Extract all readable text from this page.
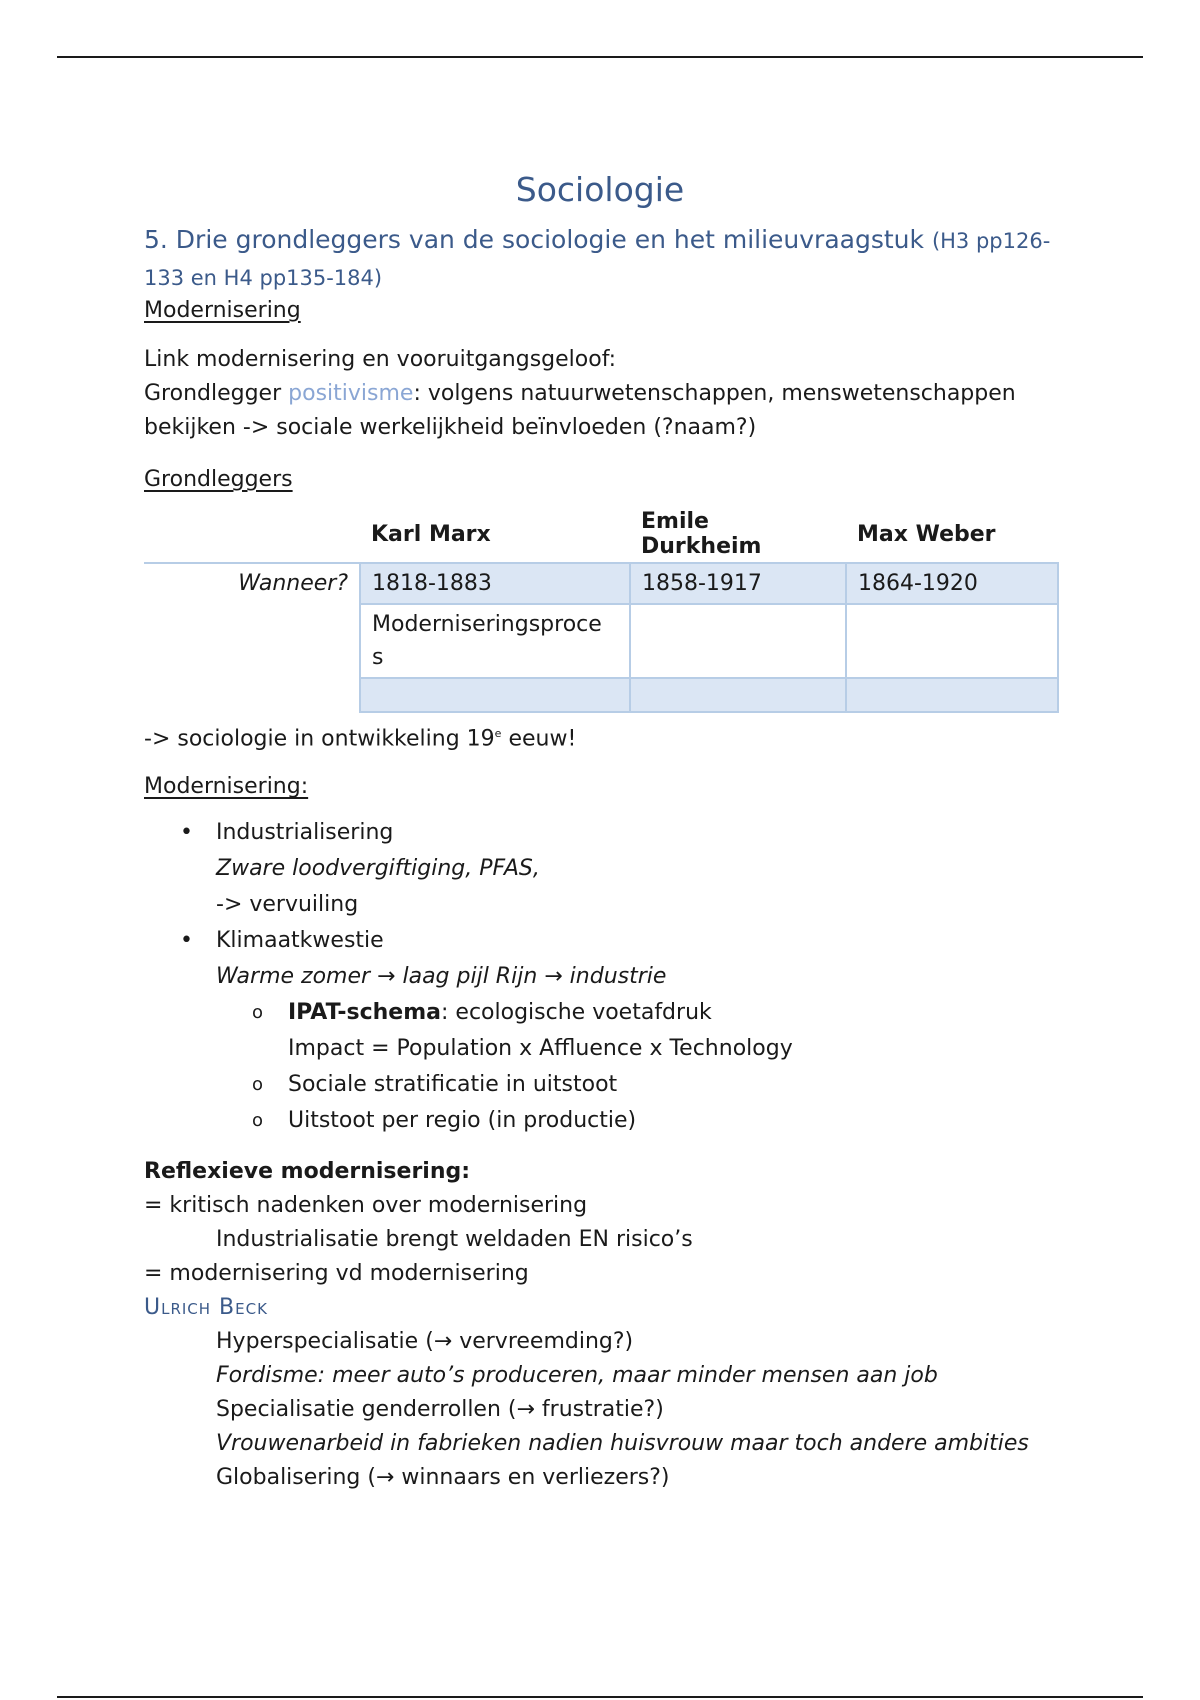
Sociologie
5. Drie grondleggers van de sociologie en het milieuvraagstuk (H3 pp126-133 en H4 pp135-184)
Modernisering

Link modernisering en vooruitgangsgeloof:

Grondlegger positivisme: volgens natuurwetenschappen, menswetenschappen bekijken -> sociale werkelijkheid beïnvloeden (?naam?)

Grondleggers
	Karl Marx	Emile Durkheim	Max Weber
Wanneer?	1818-1883	1858-1917	1864-1920
	Moderniseringsproce s		

-> sociologie in ontwikkeling 19e eeuw!

Modernisering:
• Industrialisering
Zware loodvergiftiging, PFAS,
-> vervuiling
• Klimaatkwestie
Warme zomer → laag pijl Rijn → industrie
o IPAT-schema: ecologische voetafdruk
Impact = Population x Affluence x Technology
o Sociale stratificatie in uitstoot
o Uitstoot per regio (in productie)

Reflexieve modernisering:

= kritisch nadenken over modernisering

Industrialisatie brengt weldaden EN risico’s

= modernisering vd modernisering

Ulrich Beck

Hyperspecialisatie (→ vervreemding?)

Fordisme: meer auto’s produceren, maar minder mensen aan job

Specialisatie genderrollen (→ frustratie?)

Vrouwenarbeid in fabrieken nadien huisvrouw maar toch andere ambities

Globalisering (→ winnaars en verliezers?)
